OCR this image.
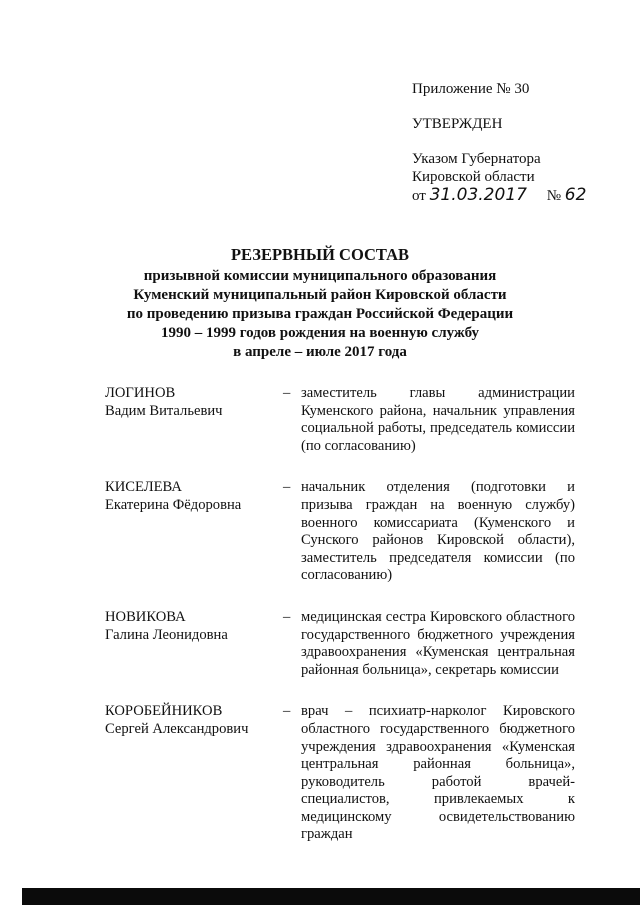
Приложение № 30
УТВЕРЖДЕН
Указом Губернатора
Кировской области
от 31.03.2017 № 62
РЕЗЕРВНЫЙ СОСТАВ
призывной комиссии муниципального образования
Куменский муниципальный район Кировской области
по проведению призыва граждан Российской Федерации
1990 – 1999 годов рождения на военную службу
в апреле – июле 2017 года
ЛОГИНОВ
Вадим Витальевич
– заместитель главы администрации Куменского района, начальник управления социальной работы, председатель комиссии (по согласованию)
КИСЕЛЕВА
Екатерина Фёдоровна
– начальник отделения (подготовки и призыва граждан на военную службу) военного комиссариата (Куменского и Сунского районов Кировской области), заместитель председателя комиссии (по согласованию)
НОВИКОВА
Галина Леонидовна
– медицинская сестра Кировского областного государственного бюджетного учреждения здравоохранения «Куменская центральная районная больница», секретарь комиссии
КОРОБЕЙНИКОВ
Сергей Александрович
– врач – психиатр-нарколог Кировского областного государственного бюджетного учреждения здравоохранения «Куменская центральная районная больница», руководитель работой врачей-специалистов, привлекаемых к медицинскому освидетельствованию граждан
